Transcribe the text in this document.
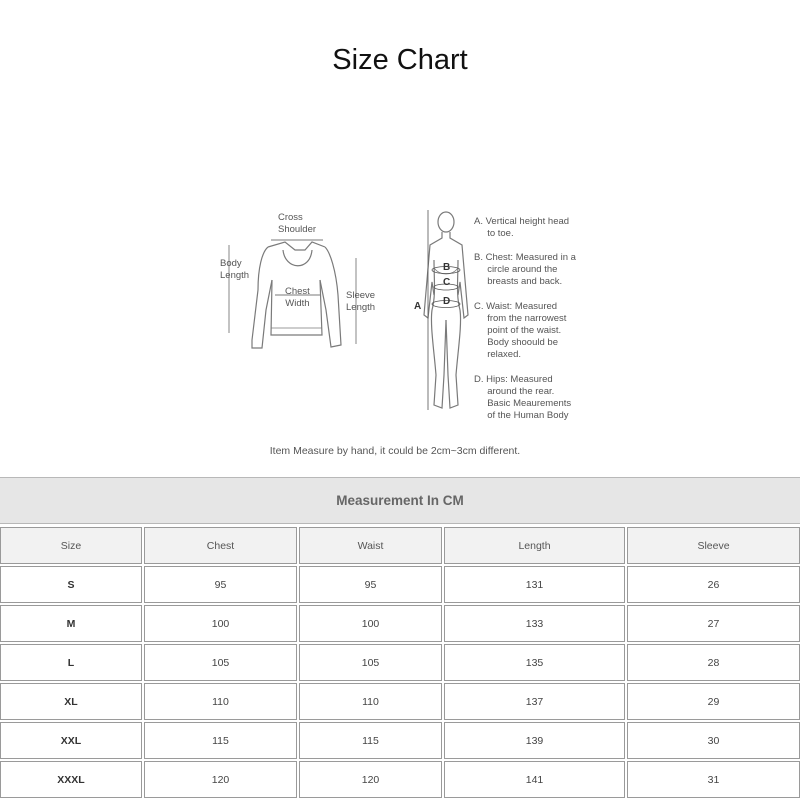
Size Chart
Cross
Shoulder
Body
Length
Chest
Width
Sleeve
Length	A
B
C
D
A. Vertical height head
to toe.
B. Chest: Measured in a
circle around the
breasts and back.
C. Waist: Measured
from the narrowest
point of the waist.
Body shoould be
relaxed.
D. Hips: Measured
around the rear.
Basic Meaurements
of the Human Body
Item Measure by hand, it could be 2cm~3cm different.
Measurement In CM
Size	Chest	Waist	Length	Sleeve
S	95	95	131	26
M	100	100	133	27
L	105	105	135	28
XL	110	110	137	29
XXL	115	115	139	30
XXXL	120	120	141	31
